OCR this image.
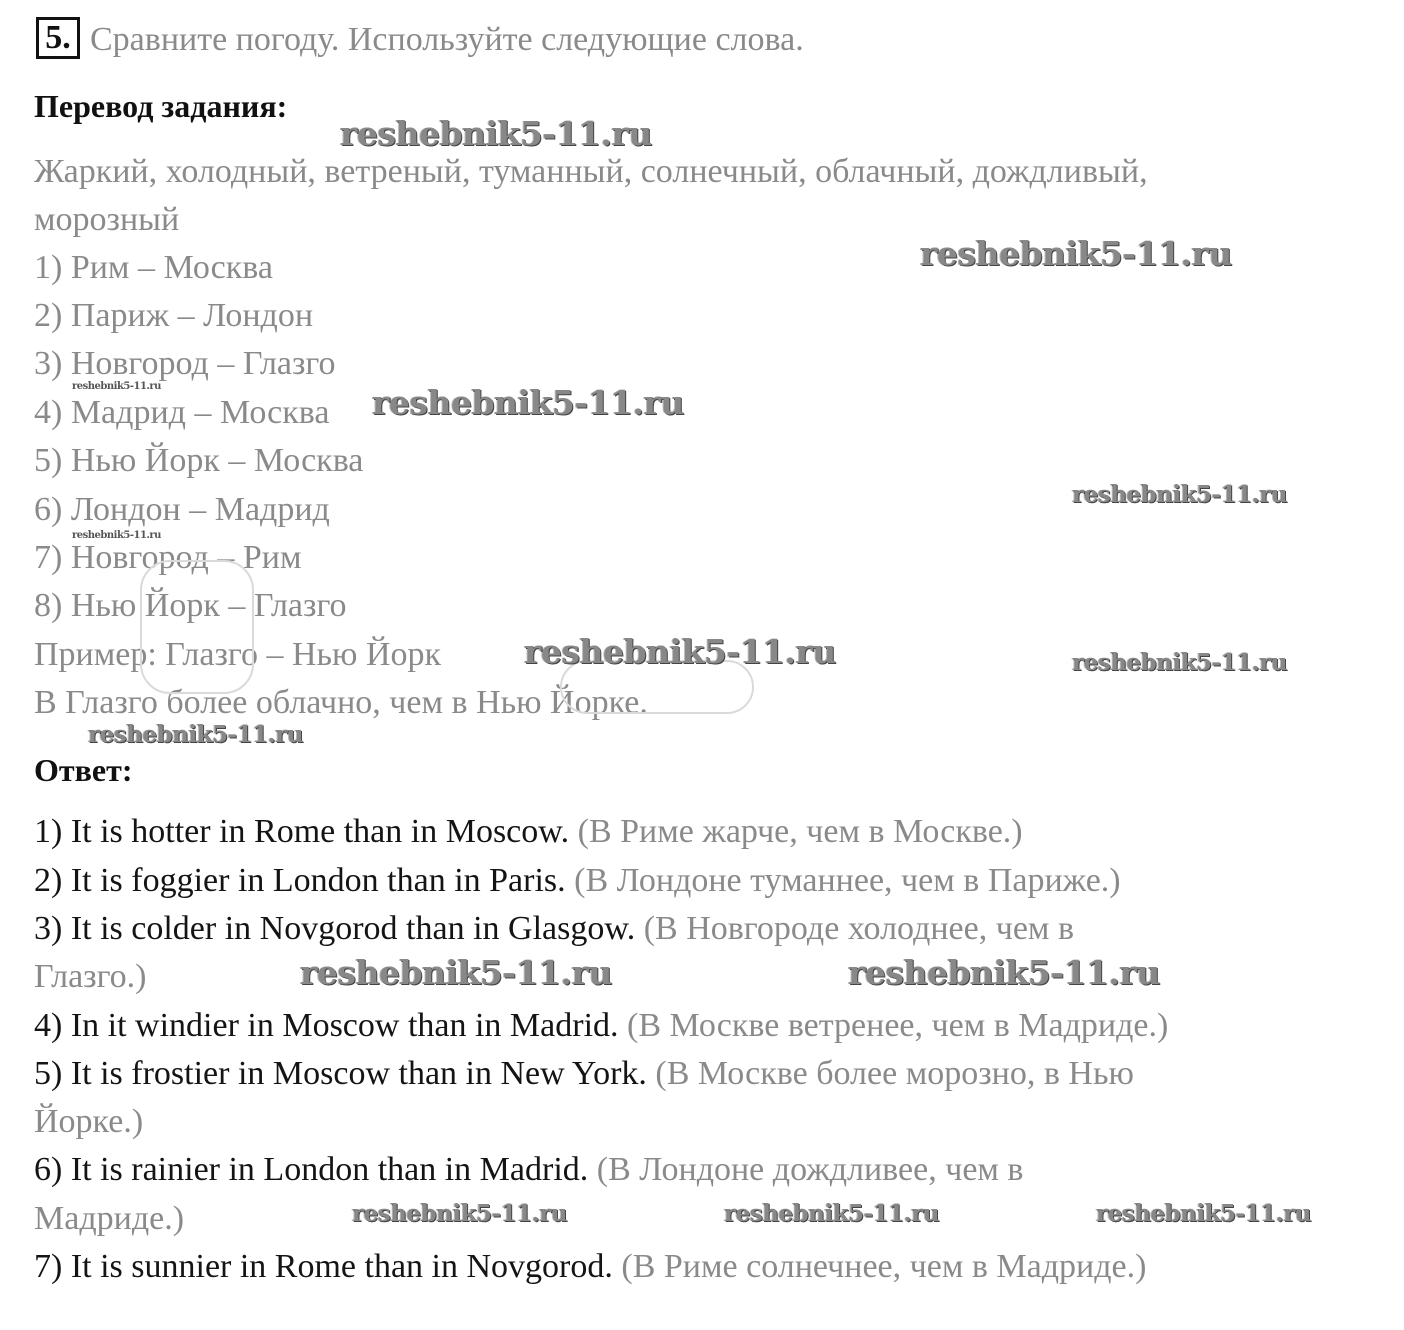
5. Сравните погоду. Используйте следующие слова.
Перевод задания:
Жаркий, холодный, ветреный, туманный, солнечный, облачный, дождливый,
морозный
1) Рим – Москва
2) Париж – Лондон
3) Новгород – Глазго
4) Мадрид – Москва
5) Нью Йорк – Москва
6) Лондон – Мадрид
7) Новгород – Рим
8) Нью Йорк – Глазго
Пример: Глазго – Нью Йорк
В Глазго более облачно, чем в Нью Йорке.
Ответ:
1) It is hotter in Rome than in Moscow. (В Риме жарче, чем в Москве.)
2) It is foggier in London than in Paris. (В Лондоне туманнее, чем в Париже.)
3) It is colder in Novgorod than in Glasgow. (В Новгороде холоднее, чем в
Глазго.)
4) In it windier in Moscow than in Madrid. (В Москве ветренее, чем в Мадриде.)
5) It is frostier in Moscow than in New York. (В Москве более морозно, в Нью
Йорке.)
6) It is rainier in London than in Madrid. (В Лондоне дождливее, чем в
Мадриде.)
7) It is sunnier in Rome than in Novgorod. (В Риме солнечнее, чем в Мадриде.)
reshebnik5-11.ru
reshebnik5-11.ru
reshebnik5-11.ru	reshebnik5-11.ru
reshebnik5-11.ru
reshebnik5-11.ru
reshebnik5-11.ru	reshebnik5-11.ru
reshebnik5-11.ru
reshebnik5-11.ru	reshebnik5-11.ru
reshebnik5-11.ru	reshebnik5-11.ru	reshebnik5-11.ru
